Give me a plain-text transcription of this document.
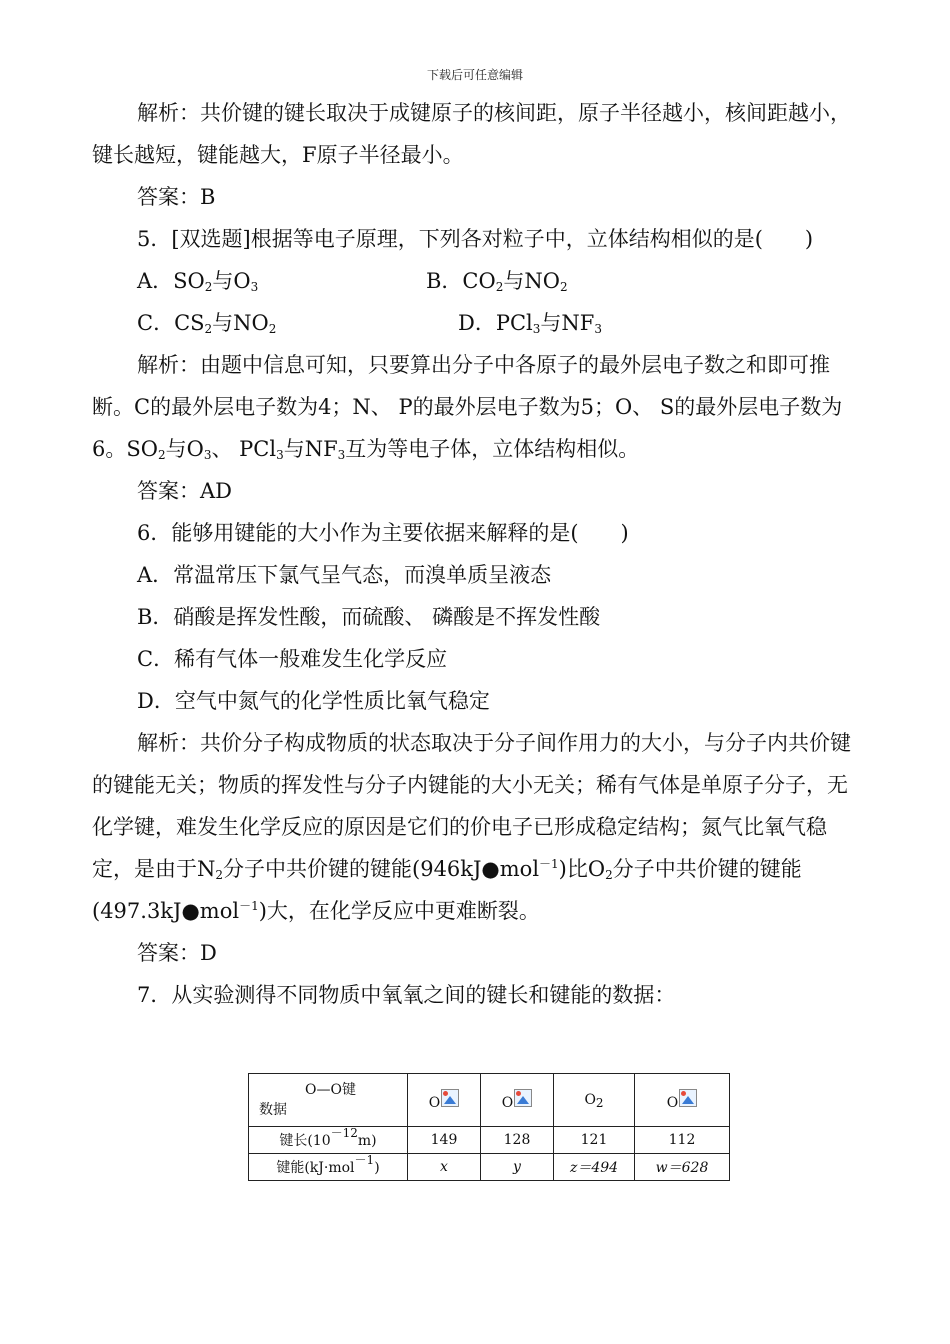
下载后可任意编辑

解析：共价键的键长取决于成键原子的核间距，原子半径越小，核间距越小，键长越短，键能越大，F原子半径最小。

答案：B

5．[双选题]根据等电子原理，下列各对粒子中，立体结构相似的是(　　)

A．$SO_2$与$O_3$	B．$CO_2$与$NO_2$
C．$CS_2$与$NO_2$	D．PCl$_3$与$NF_3$

解析：由题中信息可知，只要算出分子中各原子的最外层电子数之和即可推断。C的最外层电子数为4；N、 P的最外层电子数为5；O、 S的最外层电子数为6。$SO_2$与$O_3$、 PCl$_3$与$NF_3$互为等电子体，立体结构相似。

答案：AD

6．能够用键能的大小作为主要依据来解释的是(　　)

A．常温常压下氯气呈气态，而溴单质呈液态

B．硝酸是挥发性酸，而硫酸、 磷酸是不挥发性酸

C．稀有气体一般难发生化学反应

D．空气中氮气的化学性质比氧气稳定

解析：共价分子构成物质的状态取决于分子间作用力的大小，与分子内共价键的键能无关；物质的挥发性与分子内键能的大小无关；稀有气体是单原子分子，无化学键，难发生化学反应的原因是它们的价电子已形成稳定结构；氮气比氧气稳定，是由于$N_2$分子中共价键的键能(946kJ●mol$^{-1}$)比$O_2$分子中共价键的键能(497.3kJ●mol$^{-1}$)大，在化学反应中更难断裂。

答案：D

7．从实验测得不同物质中氧氧之间的键长和键能的数据：

O—O键
数据	O	O	$O_2$	O
键长$(10^{-12}m)$	149	128	121	112
键能(kJ·mol$^{-1}$)	x	y	z＝494	w＝628
